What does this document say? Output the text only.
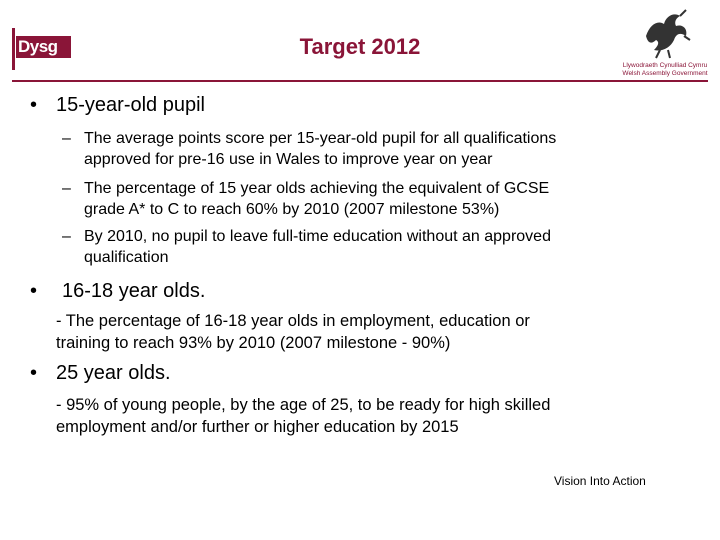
Dysg	Target 2012
Llywodraeth Cynulliad Cymru
Welsh Assembly Government
• 15-year-old pupil
– The average points score per 15-year-old pupil for all qualifications
approved for pre-16 use in Wales to improve year on year
– The percentage of 15 year olds achieving the equivalent of GCSE
grade A* to C to reach 60% by 2010 (2007 milestone 53%)
– By 2010, no pupil to leave full-time education without an approved
qualification
• 16-18 year olds.
- The percentage of 16-18 year olds in employment, education or
training to reach 93% by 2010 (2007 milestone - 90%)
• 25 year olds.
- 95% of young people, by the age of 25, to be ready for high skilled
employment and/or further or higher education by 2015
Vision Into Action
